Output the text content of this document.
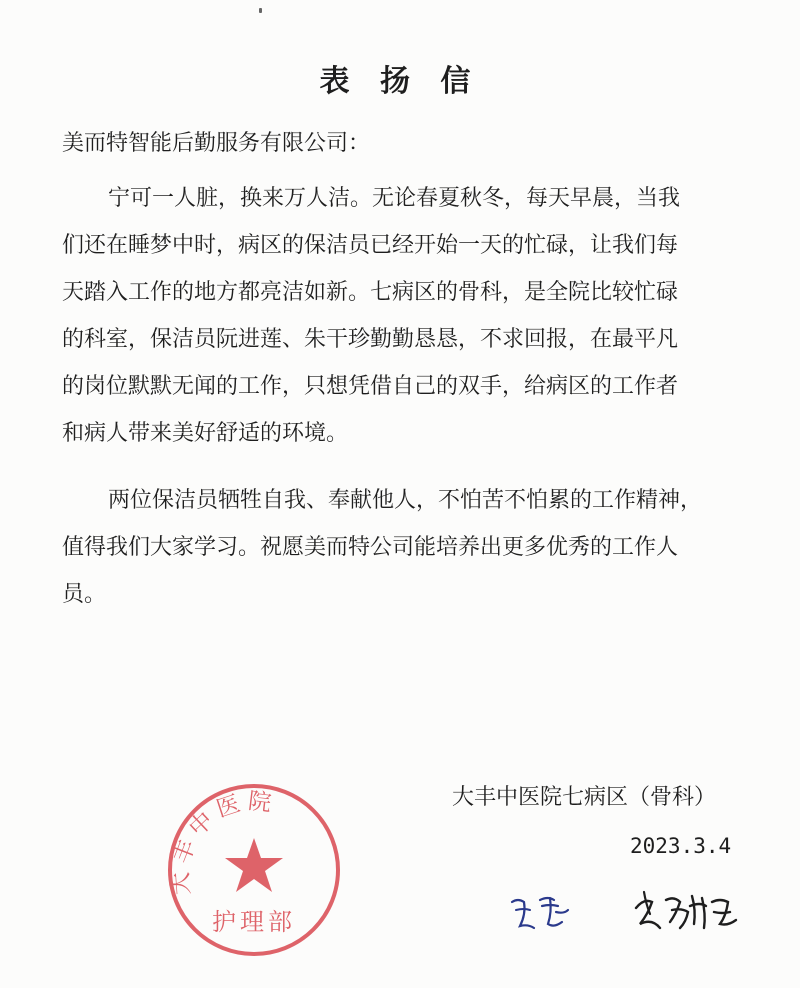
表 扬 信
美而特智能后勤服务有限公司：
宁可一人脏，换来万人洁。无论春夏秋冬，每天早晨，当我
们还在睡梦中时，病区的保洁员已经开始一天的忙碌，让我们每
天踏入工作的地方都亮洁如新。七病区的骨科，是全院比较忙碌
的科室，保洁员阮进莲、朱干珍勤勤恳恳，不求回报，在最平凡
的岗位默默无闻的工作，只想凭借自己的双手，给病区的工作者
和病人带来美好舒适的环境。
两位保洁员牺牲自我、奉献他人，不怕苦不怕累的工作精神，
值得我们大家学习。祝愿美而特公司能培养出更多优秀的工作人
员。
大丰中医院
护理部
大丰中医院七病区（骨科）
2023.3.4
